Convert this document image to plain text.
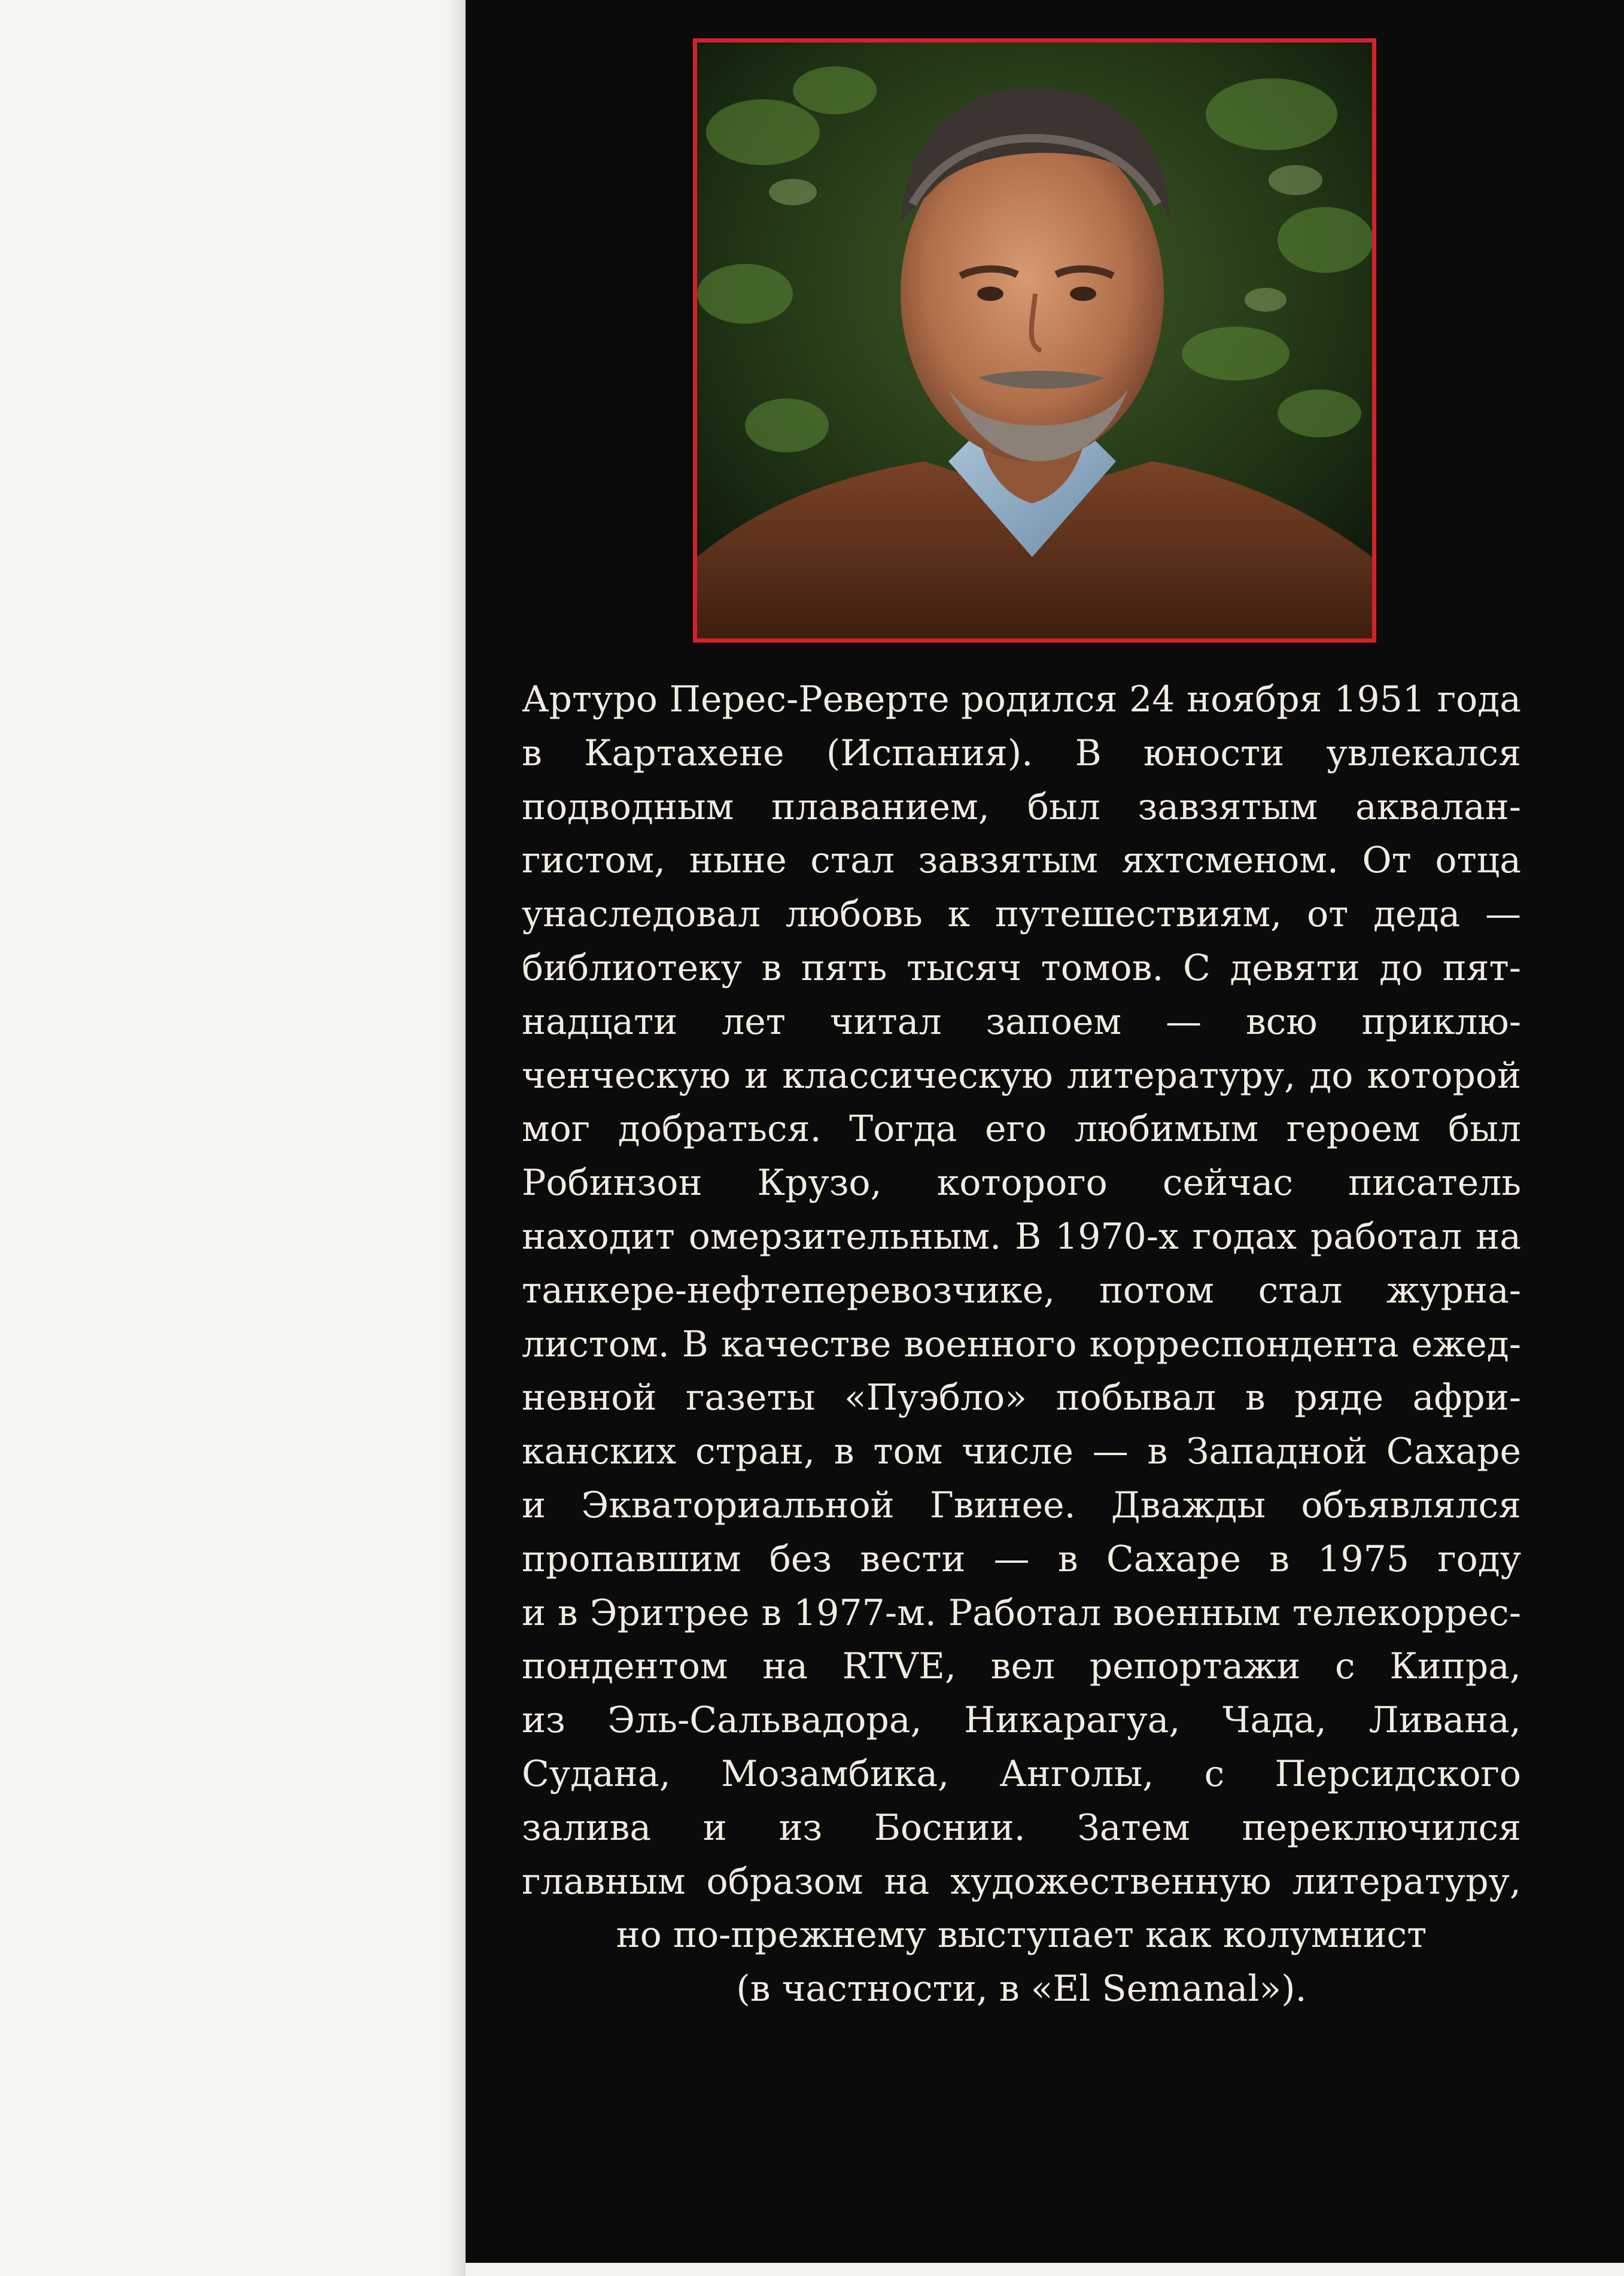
Артуро Перес-Реверте родился 24 ноября 1951 года
в Картахене (Испания). В юности увлекался
подводным плаванием, был завзятым аквалан-
гистом, ныне стал завзятым яхтсменом. От отца
унаследовал любовь к путешествиям, от деда —
библиотеку в пять тысяч томов. С девяти до пят-
надцати лет читал запоем — всю приклю-
ченческую и классическую литературу, до которой
мог добраться. Тогда его любимым героем был
Робинзон Крузо, которого сейчас писатель
находит омерзительным. В 1970-х годах работал на
танкере-нефтеперевозчике, потом стал журна-
листом. В качестве военного корреспондента ежед-
невной газеты «Пуэбло» побывал в ряде афри-
канских стран, в том числе — в Западной Сахаре
и Экваториальной Гвинее. Дважды объявлялся
пропавшим без вести — в Сахаре в 1975 году
и в Эритрее в 1977-м. Работал военным телекоррес-
пондентом на RTVE, вел репортажи с Кипра,
из Эль-Сальвадора, Никарагуа, Чада, Ливана,
Судана, Мозамбика, Анголы, с Персидского
залива и из Боснии. Затем переключился
главным образом на художественную литературу,
но по-прежнему выступает как колумнист
(в частности, в «El Semanal»).
